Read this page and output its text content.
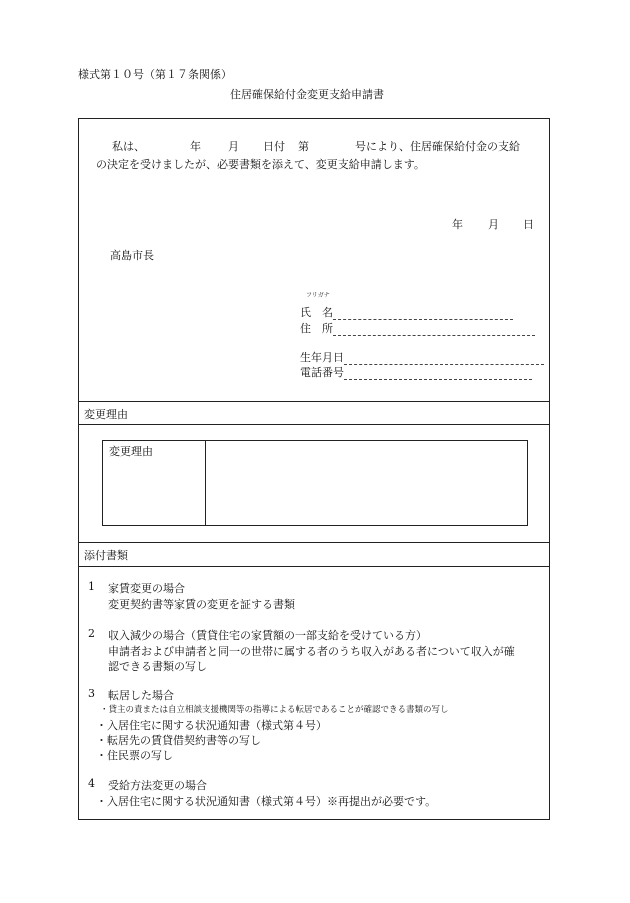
様式第１０号（第１７条関係）
住居確保給付金変更支給申請書
私は、	年 月 日付 第	号により、住居確保給付金の支給
の決定を受けましたが、必要書類を添えて、変更支給申請します。
年 月 日
高島市長
フリガナ
氏　名
住　所
生年月日
電話番号
変更理由
変更理由
添付書類
1 家賃変更の場合
変更契約書等家賃の変更を証する書類
2 収入減少の場合（賃貸住宅の家賃額の一部支給を受けている方）
申請者および申請者と同一の世帯に属する者のうち収入がある者について収入が確
認できる書類の写し
3 転居した場合
・貸主の責または自立相談支援機関等の指導による転居であることが確認できる書類の写し
・入居住宅に関する状況通知書（様式第４号）
・転居先の賃貸借契約書等の写し
・住民票の写し
4 受給方法変更の場合
・入居住宅に関する状況通知書（様式第４号）※再提出が必要です。
